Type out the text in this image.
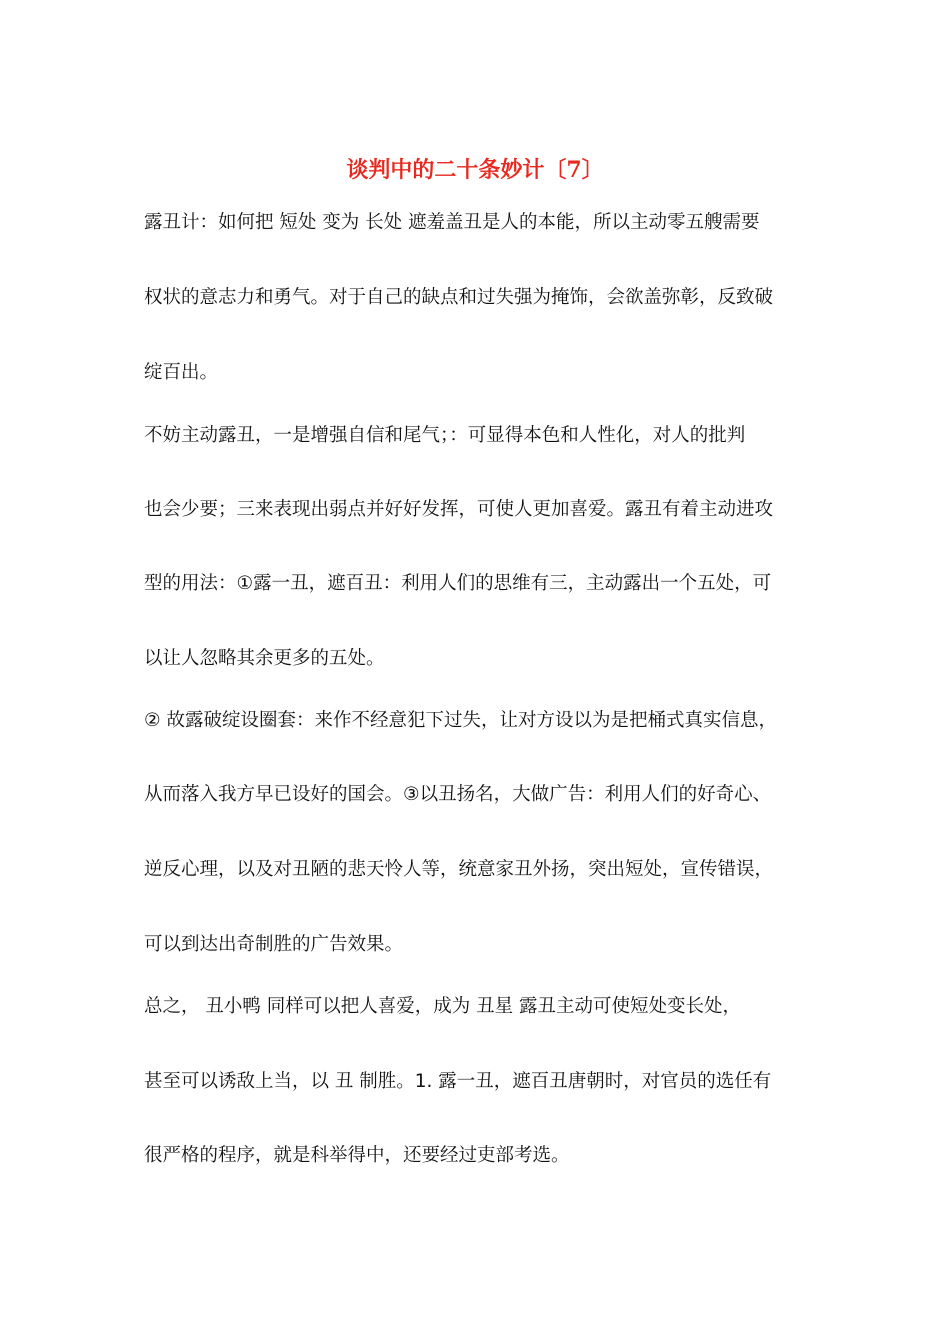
谈判中的二十条妙计〔7〕

露丑计：如何把 短处 变为 长处 遮羞盖丑是人的本能，所以主动零五艘需要

权状的意志力和勇气。对于自己的缺点和过失强为掩饰，会欲盖弥彰，反致破

绽百出。

不妨主动露丑，一是增强自信和尾气；：可显得本色和人性化，对人的批判

也会少要；三来表现出弱点并好好发挥，可使人更加喜爱。露丑有着主动进攻

型的用法：①露一丑，遮百丑：利用人们的思维有三，主动露出一个五处，可

以让人忽略其余更多的五处。

② 故露破绽设圈套：来作不经意犯下过失，让对方设以为是把桶式真实信息，

从而落入我方早已设好的国会。③以丑扬名，大做广告：利用人们的好奇心、

逆反心理，以及对丑陋的悲天怜人等，统意家丑外扬，突出短处，宣传错误，

可以到达出奇制胜的广告效果。

总之， 丑小鸭 同样可以把人喜爱，成为 丑星 露丑主动可使短处变长处，

甚至可以诱敌上当，以 丑 制胜。1. 露一丑，遮百丑唐朝时，对官员的选任有

很严格的程序，就是科举得中，还要经过吏部考选。
